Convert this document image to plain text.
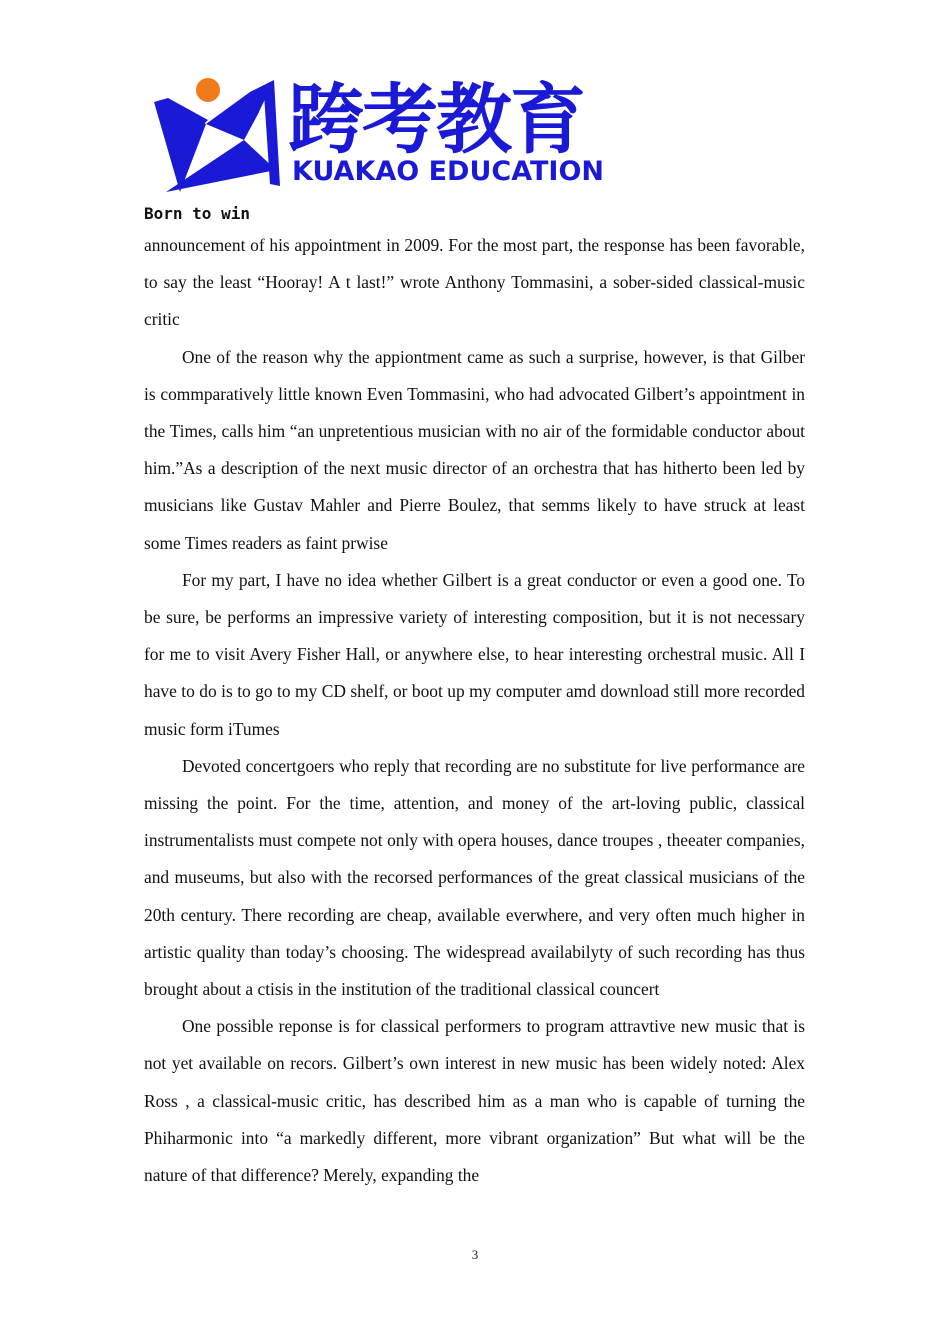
跨考教育
KUAKAO EDUCATION
Born to win

announcement of his appointment in 2009. For the most part, the response has been favorable, to say the least “Hooray! A t last!” wrote Anthony Tommasini, a sober-sided classical-music critic

One of the reason why the appiontment came as such a surprise, however, is that Gilber is commparatively little known Even Tommasini, who had advocated Gilbert’s appointment in the Times, calls him “an unpretentious musician with no air of the formidable conductor about him.”As a description of the next music director of an orchestra that has hitherto been led by musicians like Gustav Mahler and Pierre Boulez, that semms likely to have struck at least some Times readers as faint prwise

For my part, I have no idea whether Gilbert is a great conductor or even a good one. To be sure, be performs an impressive variety of interesting composition, but it is not necessary for me to visit Avery Fisher Hall, or anywhere else, to hear interesting orchestral music. All I have to do is to go to my CD shelf, or boot up my computer amd download still more recorded music form iTumes

Devoted concertgoers who reply that recording are no substitute for live performance are missing the point. For the time, attention, and money of the art-loving public, classical instrumentalists must compete not only with opera houses, dance troupes , theeater companies, and museums, but also with the recorsed performances of the great classical musicians of the 20th century. There recording are cheap, available everwhere, and very often much higher in artistic quality than today’s choosing. The widespread availabilyty of such recording has thus brought about a ctisis in the institution of the traditional classical councert

One possible reponse is for classical performers to program attravtive new music that is not yet available on recors. Gilbert’s own interest in new music has been widely noted: Alex Ross , a classical-music critic, has described him as a man who is capable of turning the Phiharmonic into “a markedly different, more vibrant organization” But what will be the nature of that difference? Merely, expanding the

3
